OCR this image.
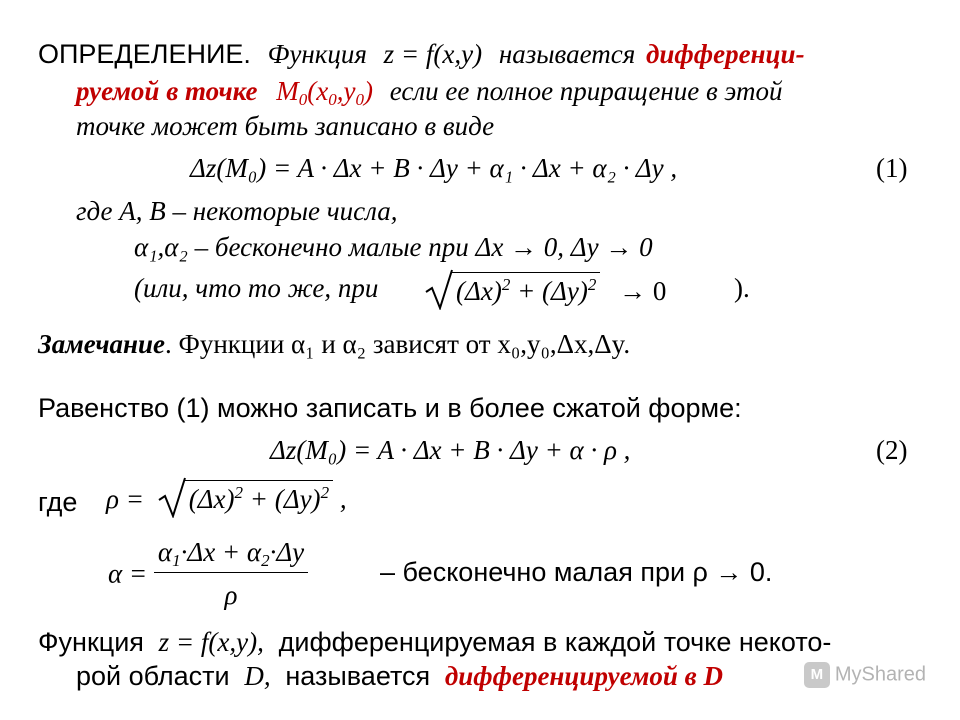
ОПРЕДЕЛЕНИЕ. Функция z = f(x,y) называется дифференци-
руемой в точке $M_0(x_0,y_0)$ если ее полное приращение в этой
точке может быть записано в виде
Δz(M₀) = A · Δx + B · Δy + α₁ · Δx + α₂ · Δy ,	(1)
где A, B – некоторые числа,
α₁,α₂ – бесконечно малые при Δx → 0, Δy → 0
(или, что то же, при	$(\Delta x)^2 + (\Delta y)^2 \to 0$	).
Замечание. Функции α₁ и α₂ зависят от x₀,y₀,Δx,Δy.
Равенство (1) можно записать и в более сжатой форме:
Δz(M₀) = A · Δx + B · Δy + α · ρ ,	(2)
где ρ =
$(\Delta x)^2 + (\Delta y)^2$ ,
$\alpha = \frac{\alpha_1\cdot\Delta x + \alpha_2\cdot\Delta y}{\rho}$	– бесконечно малая при ρ → 0.
Функция z = f(x,y), дифференцируемая в каждой точке некото-
рой области D, называется дифференцируемой в D	M MyShared
